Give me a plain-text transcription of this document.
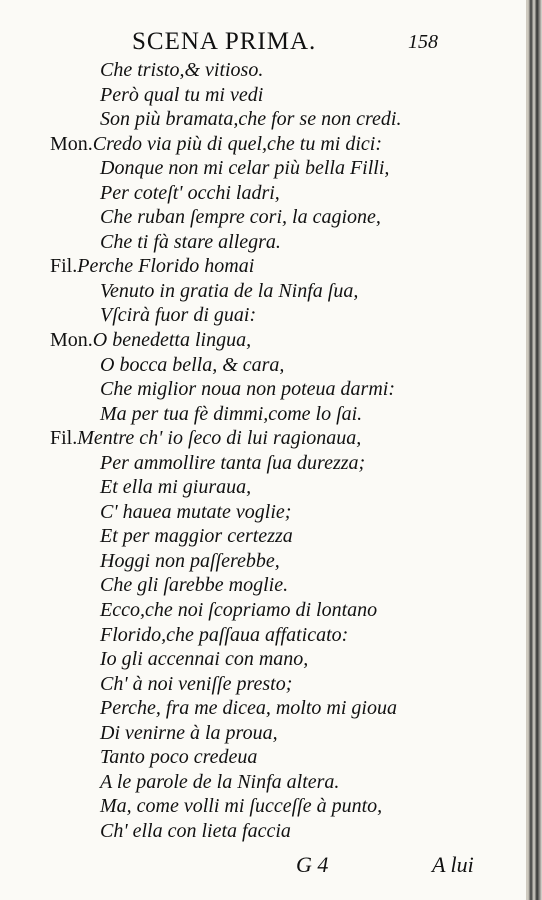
SCENA PRIMA.	158
Che tristo,& vitioso.
Però qual tu mi vedi
Son più bramata,che for se non credi.
Mon.Credo via più di quel,che tu mi dici:
Donque non mi celar più bella Filli,
Per coteſt' occhi ladri,
Che ruban ſempre cori, la cagione,
Che ti fà stare allegra.
Fil.Perche Florido homai
Venuto in gratia de la Ninfa ſua,
Vſcirà fuor di guai:
Mon.O benedetta lingua,
O bocca bella, & cara,
Che miglior noua non poteua darmi:
Ma per tua fè dimmi,come lo ſai.
Fil.Mentre ch' io ſeco di lui ragionaua,
Per ammollire tanta ſua durezza;
Et ella mi giuraua,
C' haueа mutate voglie;
Et per maggior certezza
Hoggi non paſſerebbe,
Che gli ſarebbe moglie.
Ecco,che noi ſcopriamo di lontano
Florido,che paſſaua affaticato:
Io gli accennai con mano,
Ch' à noi veniſſe presto;
Perche, fra me dicea, molto mi gioua
Di venirne à la proua,
Tanto poco credeua
A le parole de la Ninfa altera.
Ma, come volli mi ſucceſſe à punto,
Ch' ella con lieta faccia
G 4	A lui
